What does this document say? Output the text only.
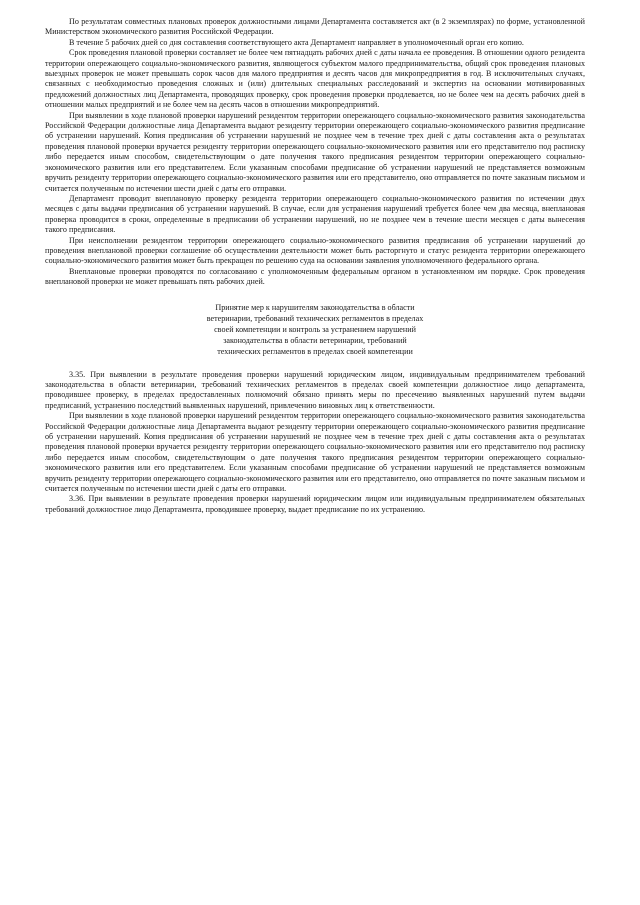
По результатам совместных плановых проверок должностными лицами Департамента составляется акт (в 2 экземплярах) по форме, установленной Министерством экономического развития Российской Федерации.

В течение 5 рабочих дней со дня составления соответствующего акта Департамент направляет в уполномоченный орган его копию.

Срок проведения плановой проверки составляет не более чем пятнадцать рабочих дней с даты начала ее проведения. В отношении одного резидента территории опережающего социально-экономического развития, являющегося субъектом малого предпринимательства, общий срок проведения плановых выездных проверок не может превышать сорок часов для малого предприятия и десять часов для микропредприятия в год. В исключительных случаях, связанных с необходимостью проведения сложных и (или) длительных специальных расследований и экспертиз на основании мотивированных предложений должностных лиц Департамента, проводящих проверку, срок проведения проверки продлевается, но не более чем на десять рабочих дней в отношении малых предприятий и не более чем на десять часов в отношении микропредприятий.

При выявлении в ходе плановой проверки нарушений резидентом территории опережающего социально-экономического развития законодательства Российской Федерации должностные лица Департамента выдают резиденту территории опережающего социально-экономического развития предписание об устранении нарушений. Копия предписания об устранении нарушений не позднее чем в течение трех дней с даты составления акта о результатах проведения плановой проверки вручается резиденту территории опережающего социально-экономического развития или его представителю под расписку либо передается иным способом, свидетельствующим о дате получения такого предписания резидентом территории опережающего социально-экономического развития или его представителем. Если указанным способами предписание об устранении нарушений не представляется возможным вручить резиденту территории опережающего социально-экономического развития или его представителю, оно отправляется по почте заказным письмом и считается полученным по истечении шести дней с даты его отправки.

Департамент проводит внеплановую проверку резидента территории опережающего социально-экономического развития по истечении двух месяцев с даты выдачи предписания об устранении нарушений. В случае, если для устранения нарушений требуется более чем два месяца, внеплановая проверка проводится в сроки, определенные в предписании об устранении нарушений, но не позднее чем в течение шести месяцев с даты вынесения такого предписания.

При неисполнении резидентом территории опережающего социально-экономического развития предписания об устранении нарушений до проведения внеплановой проверки соглашение об осуществлении деятельности может быть расторгнуто и статус резидента территории опережающего социально-экономического развития может быть прекращен по решению суда на основании заявления уполномоченного федерального органа.

Внеплановые проверки проводятся по согласованию с уполномоченным федеральным органом в установленном им порядке. Срок проведения внеплановой проверки не может превышать пять рабочих дней.

Принятие мер к нарушителям законодательства в области
ветеринарии, требований технических регламентов в пределах
своей компетенции и контроль за устранением нарушений
законодательства в области ветеринарии, требований
технических регламентов в пределах своей компетенции

3.35. При выявлении в результате проведения проверки нарушений юридическим лицом, индивидуальным предпринимателем требований законодательства в области ветеринарии, требований технических регламентов в пределах своей компетенции должностное лицо департамента, проводившее проверку, в пределах предоставленных полномочий обязано принять меры по пресечению выявленных нарушений путем выдачи предписаний, устранению последствий выявленных нарушений, привлечению виновных лиц к ответственности.

При выявлении в ходе плановой проверки нарушений резидентом территории опережающего социально-экономического развития законодательства Российской Федерации должностные лица Департамента выдают резиденту территории опережающего социально-экономического развития предписание об устранении нарушений. Копия предписания об устранении нарушений не позднее чем в течение трех дней с даты составления акта о результатах проведения плановой проверки вручается резиденту территории опережающего социально-экономического развития или его представителю под расписку либо передается иным способом, свидетельствующим о дате получения такого предписания резидентом территории опережающего социально-экономического развития или его представителем. Если указанным способами предписание об устранении нарушений не представляется возможным вручить резиденту территории опережающего социально-экономического развития или его представителю, оно отправляется по почте заказным письмом и считается полученным по истечении шести дней с даты его отправки.

3.36. При выявлении в результате проведения проверки нарушений юридическим лицом или индивидуальным предпринимателем обязательных требований должностное лицо Департамента, проводившее проверку, выдает предписание по их устранению.
